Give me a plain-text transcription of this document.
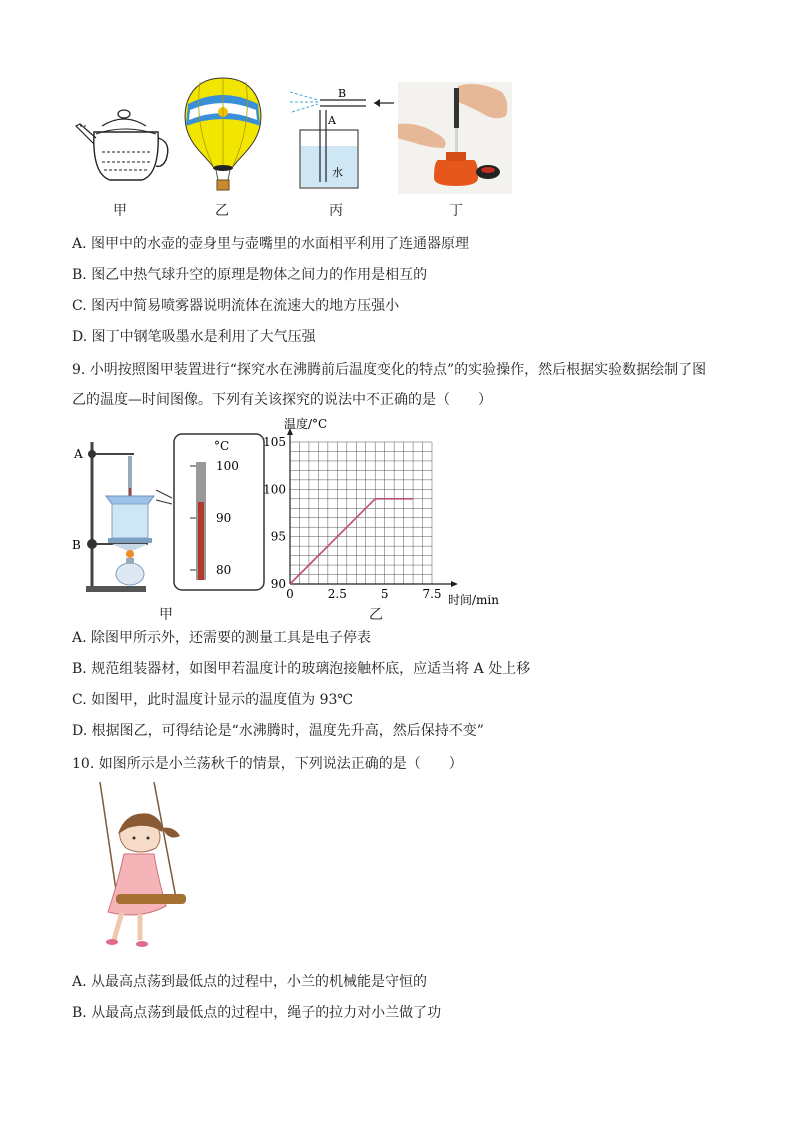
B
A
水
甲	乙	丙	丁
A. 图甲中的水壶的壶身里与壶嘴里的水面相平利用了连通器原理
B. 图乙中热气球升空的原理是物体之间力的作用是相互的
C. 图丙中简易喷雾器说明流体在流速大的地方压强小
D. 图丁中钢笔吸墨水是利用了大气压强
9. 小明按照图甲装置进行“探究水在沸腾前后温度变化的特点”的实验操作，然后根据实验数据绘制了图
乙的温度—时间图像。下列有关该探究的说法中不正确的是（　　）
A
B
°C
100
90
80
甲
0	2.5	5	7.5
90
95
100
105
温度/°C
时间/min
乙
A. 除图甲所示外，还需要的测量工具是电子停表
B. 规范组装器材，如图甲若温度计的玻璃泡接触杯底，应适当将 A 处上移
C. 如图甲，此时温度计显示的温度值为 93℃
D. 根据图乙，可得结论是“水沸腾时，温度先升高，然后保持不变”
10. 如图所示是小兰荡秋千的情景，下列说法正确的是（　　）
A. 从最高点荡到最低点的过程中，小兰的机械能是守恒的
B. 从最高点荡到最低点的过程中，绳子的拉力对小兰做了功
